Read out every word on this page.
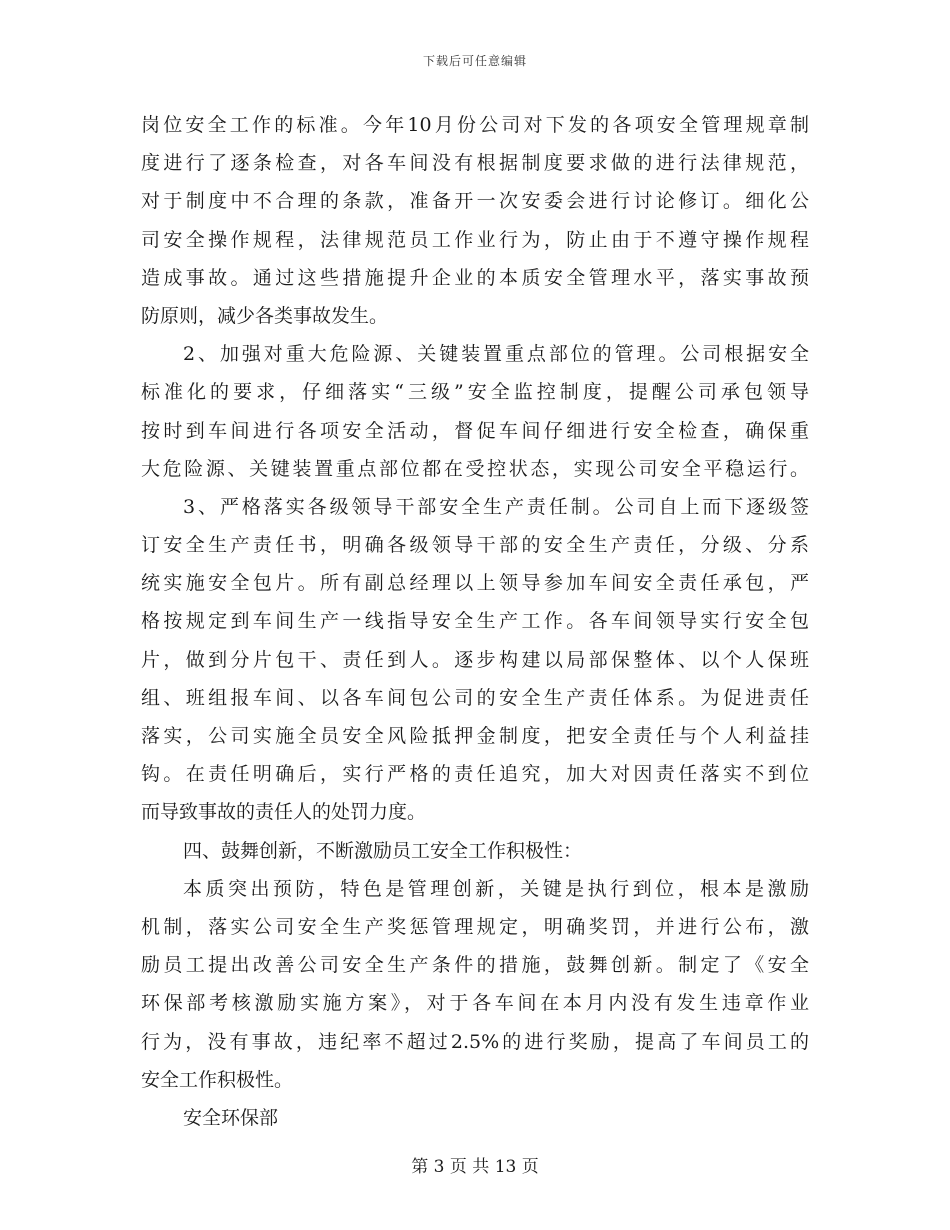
下载后可任意编辑
岗位安全工作的标准。今年10月份公司对下发的各项安全管理规章制
度进行了逐条检查，对各车间没有根据制度要求做的进行法律规范，
对于制度中不合理的条款，准备开一次安委会进行讨论修订。细化公
司安全操作规程，法律规范员工作业行为，防止由于不遵守操作规程
造成事故。通过这些措施提升企业的本质安全管理水平，落实事故预
防原则，减少各类事故发生。
2、加强对重大危险源、关键装置重点部位的管理。公司根据安全
标准化的要求，仔细落实“三级”安全监控制度，提醒公司承包领导
按时到车间进行各项安全活动，督促车间仔细进行安全检查，确保重
大危险源、关键装置重点部位都在受控状态，实现公司安全平稳运行。
3、严格落实各级领导干部安全生产责任制。公司自上而下逐级签
订安全生产责任书，明确各级领导干部的安全生产责任，分级、分系
统实施安全包片。所有副总经理以上领导参加车间安全责任承包，严
格按规定到车间生产一线指导安全生产工作。各车间领导实行安全包
片，做到分片包干、责任到人。逐步构建以局部保整体、以个人保班
组、班组报车间、以各车间包公司的安全生产责任体系。为促进责任
落实，公司实施全员安全风险抵押金制度，把安全责任与个人利益挂
钩。在责任明确后，实行严格的责任追究，加大对因责任落实不到位
而导致事故的责任人的处罚力度。
四、鼓舞创新，不断激励员工安全工作积极性：
本质突出预防，特色是管理创新，关键是执行到位，根本是激励
机制，落实公司安全生产奖惩管理规定，明确奖罚，并进行公布，激
励员工提出改善公司安全生产条件的措施，鼓舞创新。制定了《安全
环保部考核激励实施方案》，对于各车间在本月内没有发生违章作业
行为，没有事故，违纪率不超过2.5%的进行奖励，提高了车间员工的
安全工作积极性。
安全环保部
第 3 页 共 13 页
